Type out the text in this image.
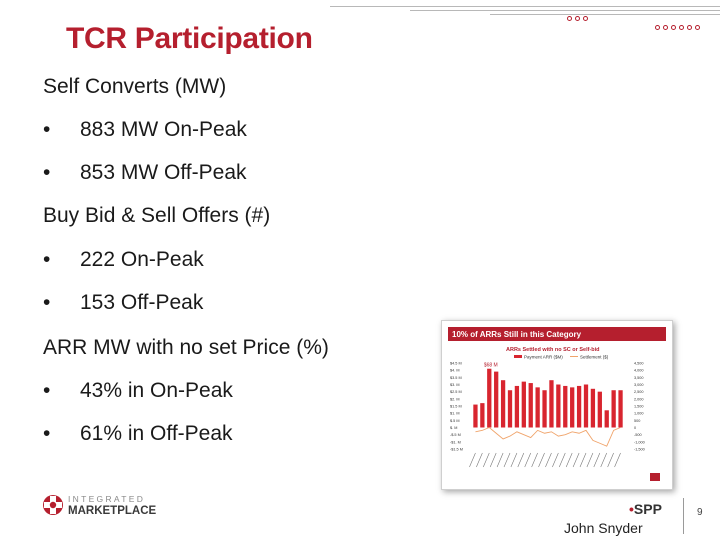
TCR Participation
Self Converts (MW)
• 883 MW On-Peak
• 853 MW Off-Peak
Buy Bid & Sell Offers (#)
• 222 On-Peak
• 153 Off-Peak
ARR MW with no set Price (%)
• 43% in On-Peak
• 61% in Off-Peak
10% of ARRs Still in this Category
ARRs Settled with no SC or Self-bid
Payment ARR ($M)	Settlement ($)
$4.5 M
$4. M
$3.5 M
$3. M
$2.5 M
$2. M
$1.5 M
$1. M
$.5 M
$. M
-$.5 M
-$1. M
-$1.5 M
4,500
4,000
3,500
3,000
2,500
2,000
1,500
1,000
500
0
-500
-1,000
-1,500
$68 M
INTEGRATED
MARKETPLACE	•SPP
John Snyder
9
